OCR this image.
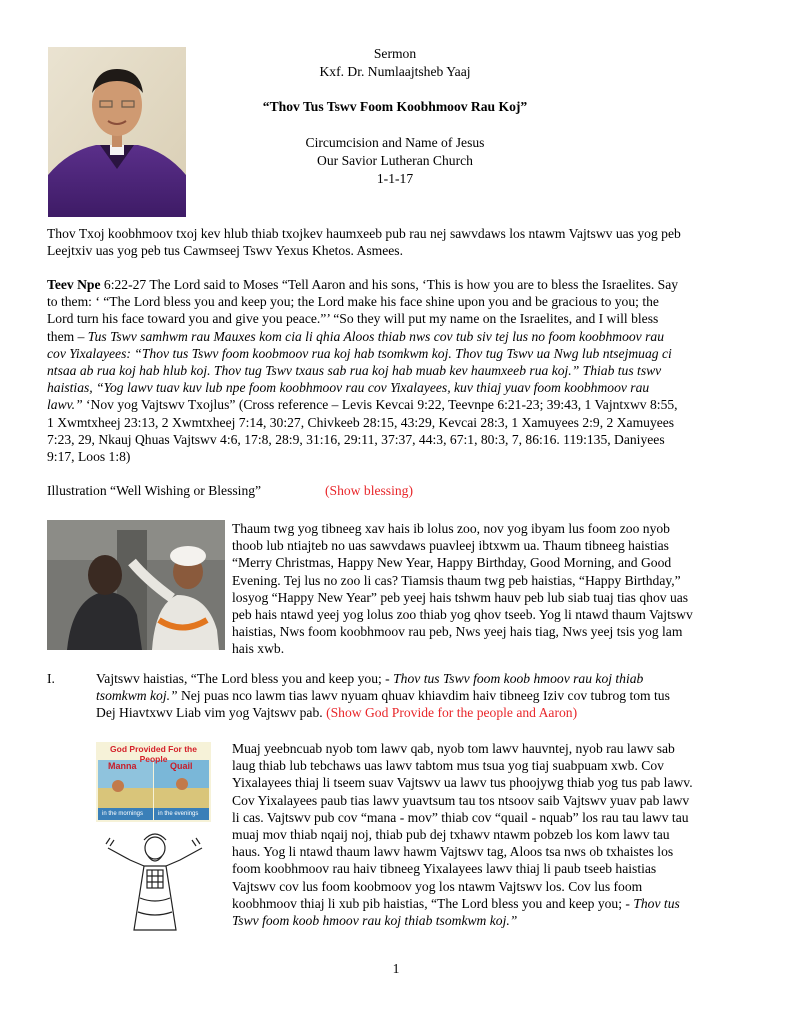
Sermon
Kxf. Dr. Numlaajtsheb Yaaj
“Thov Tus Tswv Foom Koobhmoov Rau Koj”
Circumcision and Name of Jesus
Our Savior Lutheran Church
1-1-17
Thov Txoj koobhmoov txoj kev hlub thiab txojkev haumxeeb pub rau nej sawvdaws los ntawm Vajtswv uas yog peb
Leejtxiv uas yog peb tus Cawmseej Tswv Yexus Khetos. Asmees.
Teev Npe 6:22-27 The Lord said to Moses “Tell Aaron and his sons, ‘This is how you are to bless the Israelites. Say
to them: ‘ “The Lord bless you and keep you; the Lord make his face shine upon you and be gracious to you; the
Lord turn his face toward you and give you peace.”’ “So they will put my name on the Israelites, and I will bless
them – Tus Tswv samhwm rau Mauxes kom cia li qhia Aloos thiab nws cov tub siv tej lus no foom koobhmoov rau
cov Yixalayees: “Thov tus Tswv foom koobmoov rua koj hab tsomkwm koj. Thov tug Tswv ua Nwg lub ntsejmuag ci
ntsaa ab rua koj hab hlub koj. Thov tug Tswv txaus sab rua koj hab muab kev haumxeeb rua koj.” Thiab tus tswv
haistias, “Yog lawv tuav kuv lub npe foom koobhmoov rau cov Yixalayees, kuv thiaj yuav foom koobhmoov rau
lawv.” ‘Nov yog Vajtswv Txojlus” (Cross reference – Levis Kevcai 9:22, Teevnpe 6:21-23; 39:43, 1 Vajntxwv 8:55,
1 Xwmtxheej 23:13, 2 Xwmtxheej 7:14, 30:27, Chivkeeb 28:15, 43:29, Kevcai 28:3, 1 Xamuyees 2:9, 2 Xamuyees
7:23, 29, Nkauj Qhuas Vajtswv 4:6, 17:8, 28:9, 31:16, 29:11, 37:37, 44:3, 67:1, 80:3, 7, 86:16. 119:135, Daniyees
9:17, Loos 1:8)
Illustration “Well Wishing or Blessing”	(Show blessing)
Thaum twg yog tibneeg xav hais ib lolus zoo, nov yog ibyam lus foom zoo nyob
thoob lub ntiajteb no uas sawvdaws puavleej ibtxwm ua. Thaum tibneeg haistias
“Merry Christmas, Happy New Year, Happy Birthday, Good Morning, and Good
Evening. Tej lus no zoo li cas? Tiamsis thaum twg peb haistias, “Happy Birthday,”
losyog “Happy New Year” peb yeej hais tshwm hauv peb lub siab tuaj tias qhov uas
peb hais ntawd yeej yog lolus zoo thiab yog qhov tseeb. Yog li ntawd thaum Vajtswv
haistias, Nws foom koobhmoov rau peb, Nws yeej hais tiag, Nws yeej tsis yog lam
hais xwb.
I.	Vajtswv haistias, “The Lord bless you and keep you; - Thov tus Tswv foom koob hmoov rau koj thiab
tsomkwm koj.” Nej puas nco lawm tias lawv nyuam qhuav khiavdim haiv tibneeg Iziv cov tubrog tom tus
Dej Hiavtxwv Liab vim yog Vajtswv pab. (Show God Provide for the people and Aaron)
God Provided For the People
Manna	Quail
in the mornings in the evenings
Muaj yeebncuab nyob tom lawv qab, nyob tom lawv hauvntej, nyob rau lawv sab
laug thiab lub tebchaws uas lawv tabtom mus tsua yog tiaj suabpuam xwb. Cov
Yixalayees thiaj li tseem suav Vajtswv ua lawv tus phoojywg thiab yog tus pab lawv.
Cov Yixalayees paub tias lawv yuavtsum tau tos ntsoov saib Vajtswv yuav pab lawv
li cas. Vajtswv pub cov “mana - mov” thiab cov “quail - nquab” los rau tau lawv tau
muaj mov thiab nqaij noj, thiab pub dej txhawv ntawm pobzeb los kom lawv tau
haus. Yog li ntawd thaum lawv hawm Vajtswv tag, Aloos tsa nws ob txhaistes los
foom koobhmoov rau haiv tibneeg Yixalayees lawv thiaj li paub tseeb haistias
Vajtswv cov lus foom koobmoov yog los ntawm Vajtswv los. Cov lus foom
koobhmoov thiaj li xub pib haistias, “The Lord bless you and keep you; - Thov tus
Tswv foom koob hmoov rau koj thiab tsomkwm koj.”
1
